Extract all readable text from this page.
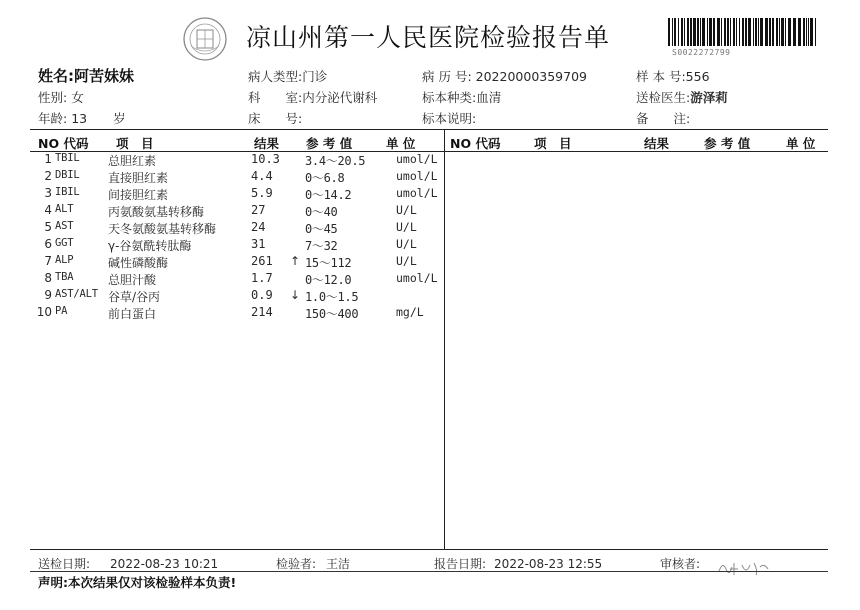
凉山州第一人民医院检验报告单
S0022272799
姓名:阿苦妹妹
性别: 女
年龄: 13 岁
病人类型:门诊
科　　室:内分泌代谢科
床　　号:
病 历 号: 20220000359709
标本种类:血清
标本说明:
样 本 号:556
送检医生:游泽莉
备　　注:
NO 代码 项　目	结果 参 考 值	单 位	NO 代码	项　目	结果	参 考 值	单 位
1 TBIL 总胆红素	10.3 3.4～20.5	umol/L
2 DBIL 直接胆红素	4.4	0～6.8	umol/L
3 IBIL 间接胆红素	5.9	0～14.2	umol/L
4 ALT	丙氨酸氨基转移酶	27	0～40	U/L
5 AST	天冬氨酸氨基转移酶	24	0～45	U/L
6 GGT	γ-谷氨酰转肽酶	31	7～32	U/L
7 ALP	碱性磷酸酶	261 ↑ 15～112	U/L
8 TBA	总胆汁酸	1.7	0～12.0	umol/L
9 AST/ALT 谷草/谷丙	0.9 ↓ 1.0～1.5
10 PA	前白蛋白	214	150～400	mg/L
送检日期: 2022-08-23 10:21	检验者: 王洁	报告日期: 2022-08-23 12:55	审核者:
声明:本次结果仅对该检验样本负责!
